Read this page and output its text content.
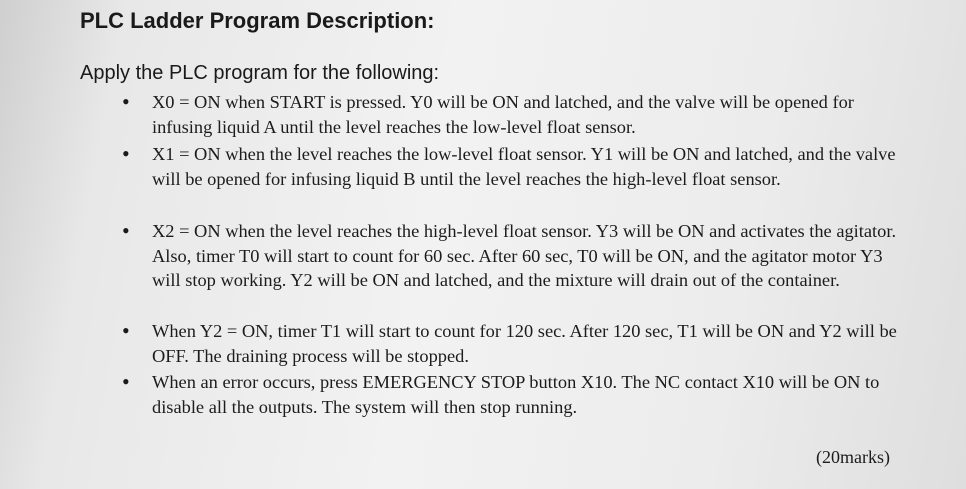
PLC Ladder Program Description:
Apply the PLC program for the following:
• X0 = ON when START is pressed. Y0 will be ON and latched, and the valve will be opened for infusing liquid A until the level reaches the low-level float sensor.
• X1 = ON when the level reaches the low-level float sensor. Y1 will be ON and latched, and the valve will be opened for infusing liquid B until the level reaches the high-level float sensor.
• X2 = ON when the level reaches the high-level float sensor. Y3 will be ON and activates the agitator. Also, timer T0 will start to count for 60 sec. After 60 sec, T0 will be ON, and the agitator motor Y3 will stop working. Y2 will be ON and latched, and the mixture will drain out of the container.
• When Y2 = ON, timer T1 will start to count for 120 sec. After 120 sec, T1 will be ON and Y2 will be OFF. The draining process will be stopped.
• When an error occurs, press EMERGENCY STOP button X10. The NC contact X10 will be ON to disable all the outputs. The system will then stop running.
(20marks)
